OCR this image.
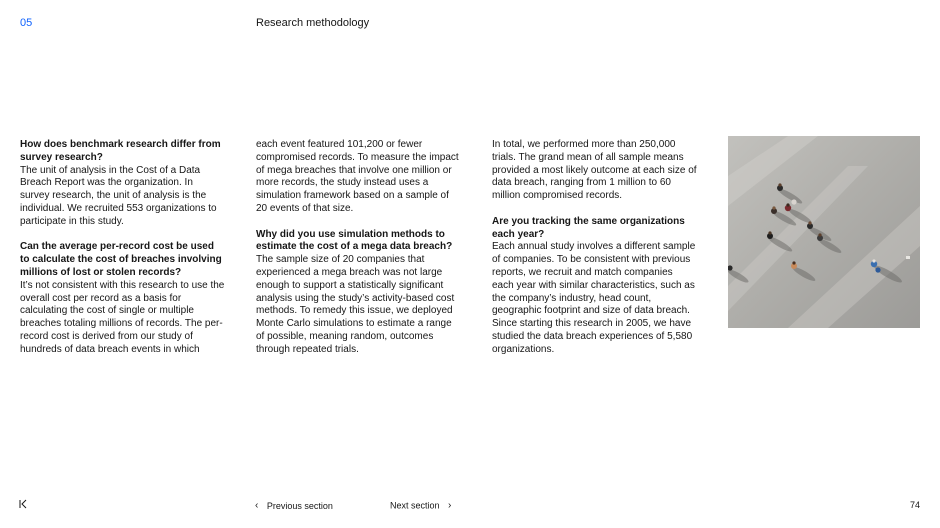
05	Research methodology

How does benchmark research differ from survey research?
The unit of analysis in the Cost of a Data Breach Report was the organization. In survey research, the unit of analysis is the individual. We recruited 553 organizations to participate in this study.

Can the average per-record cost be used to calculate the cost of breaches involving millions of lost or stolen records?
It’s not consistent with this research to use the overall cost per record as a basis for calculating the cost of single or multiple breaches totaling millions of records. The per-record cost is derived from our study of hundreds of data breach events in which

each event featured 101,200 or fewer compromised records. To measure the impact of mega breaches that involve one million or more records, the study instead uses a simulation framework based on a sample of 20 events of that size.

Why did you use simulation methods to estimate the cost of a mega data breach?
The sample size of 20 companies that experienced a mega breach was not large enough to support a statistically significant analysis using the study’s activity-based cost methods. To remedy this issue, we deployed Monte Carlo simulations to estimate a range of possible, meaning random, outcomes through repeated trials.

In total, we performed more than 250,000 trials. The grand mean of all sample means provided a most likely outcome at each size of data breach, ranging from 1 million to 60 million compromised records.

Are you tracking the same organizations each year?
Each annual study involves a different sample of companies. To be consistent with previous reports, we recruit and match companies each year with similar characteristics, such as the company’s industry, head count, geographic footprint and size of data breach. Since starting this research in 2005, we have studied the data breach experiences of 5,580 organizations.

‹ Previous section	Next section ›	74
